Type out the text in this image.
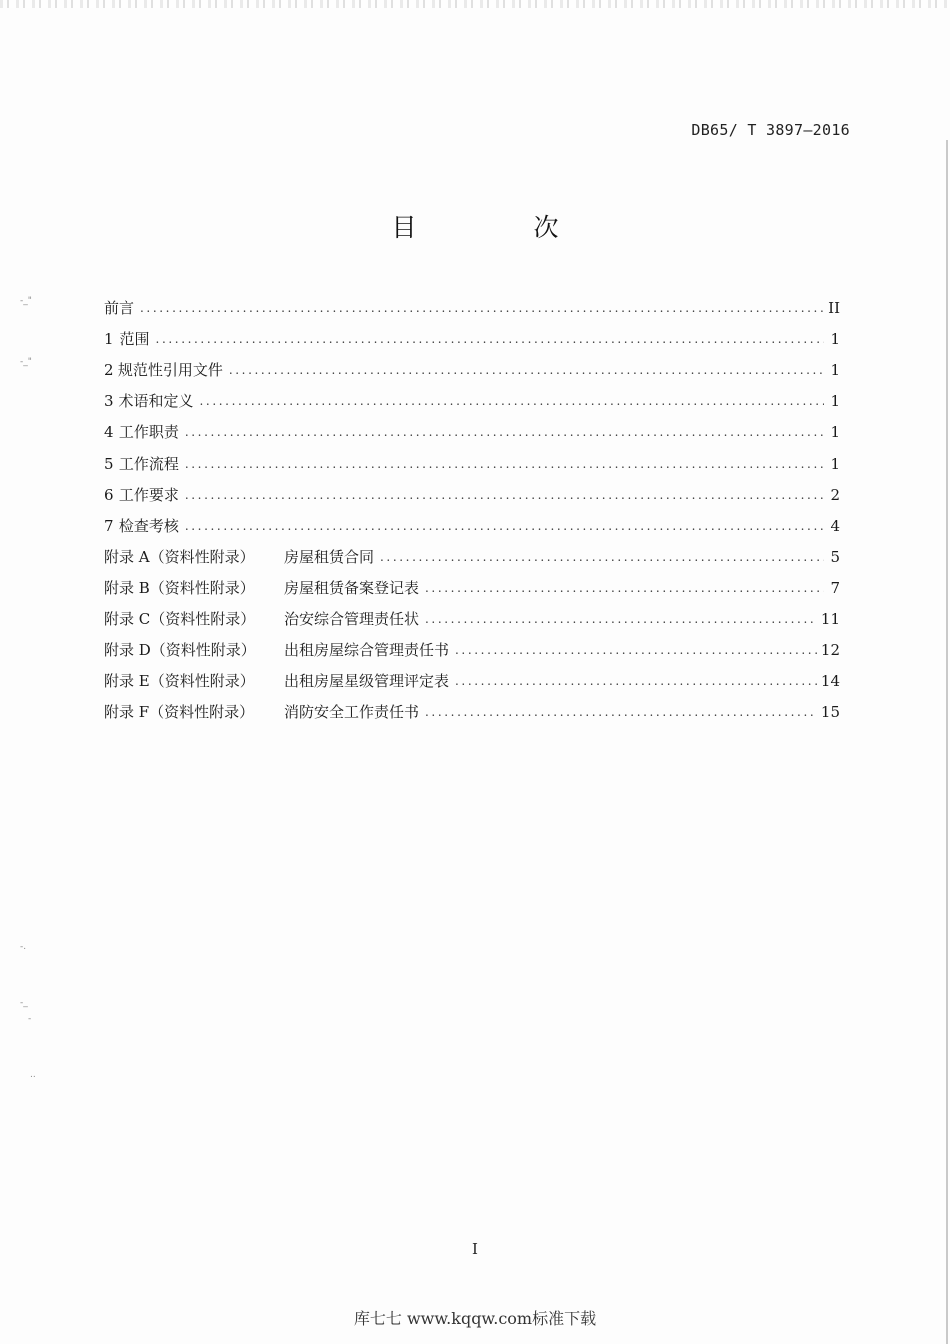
-_"
-_"
-.
-_
-
..
DB65/ T 3897—2016
目　次
前言 .....	II
1 范围 .....	1
2 规范性引用文件 .....	1
3 术语和定义 .....	1
4 工作职责 .....	1
5 工作流程 .....	1
6 工作要求 .....	2
7 检查考核 .....	4
附录 A（资料性附录）	房屋租赁合同 .....	5
附录 B（资料性附录）	房屋租赁备案登记表 .....	7
附录 C（资料性附录）	治安综合管理责任状 .....	11
附录 D（资料性附录）	出租房屋综合管理责任书 .....	12
附录 E（资料性附录）	出租房屋星级管理评定表 .....	14
附录 F（资料性附录）	消防安全工作责任书 .....	15
I
库七七 www.kqqw.com标准下载
